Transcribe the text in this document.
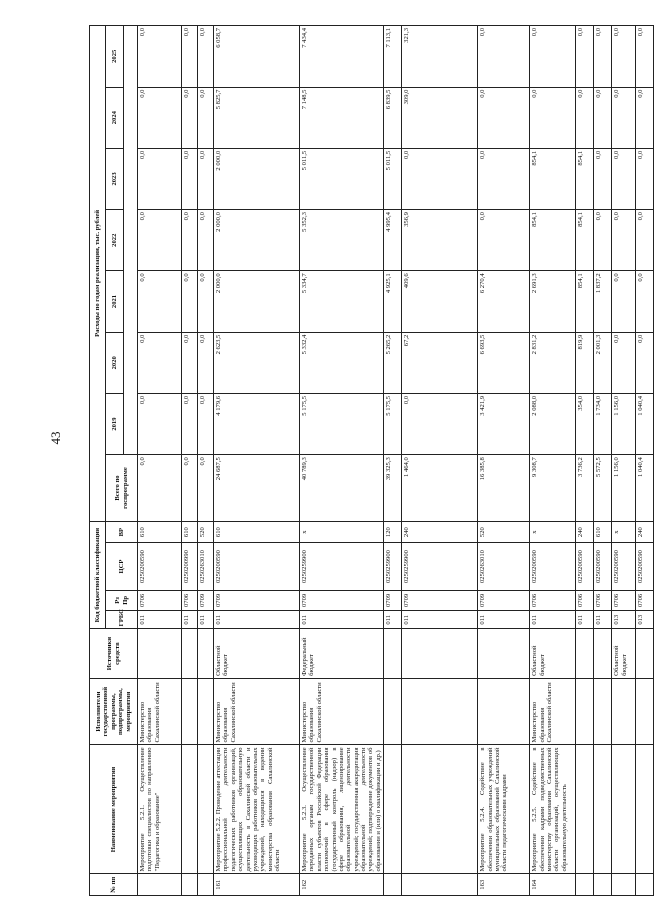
43
№ пп	Наименование мероприятия	Исполнители государственной программы, подпрограммы, мероприятия	Источники средств	Код бюджетной классификации				Расходы по годам реализации, тыс. рублей							
				ГРБС	Рз Пр	ЦСР	ВР	Всего по госпрограмме	2019	2020	2021	2022	2023	2024	2025

	Мероприятие 5.2.1. Осуществление подготовки специалистов по направлению "Педагогика и образование"	Министерство образования Сахалинской области		011	0706	0250200590	610	0,0	0,0	0,0	0,0	0,0	0,0	0,0	0,0
				011	0706	0250200990	610	0,0	0,0	0,0	0,0	0,0	0,0	0,0	0,0
				011	0709	0250263010	520	0,0	0,0	0,0	0,0	0,0	0,0	0,0	0,0
161	Мероприятие 5.2.2. Проведение аттестации профессиональной деятельности педагогических работников организаций, осуществляющих образовательную деятельность в Сахалинской области и руководящих работников образовательных учреждений, находящихся в ведении министерства образования Сахалинской области	Министерство образования Сахалинской области	Областной бюджет	011	0709	0250200590	610	24 687,5	4 179,6	2 623,5	2 000,0	2 000,0	2 000,0	5 825,7	6 058,7
162	Мероприятие 5.2.3. Осуществление переданных органам государственной власти субъектов Российской Федерации полномочий в сфере образования (государственный контроль (надзор) в сфере образования, лицензирование образовательной деятельности учреждений; государственная аккредитация образовательной деятельности учреждений; подтверждение документов об образовании и (или) о квалификации и др.)	Министерство образования Сахалинской области	Федеральный бюджет	011	0709	0250259900	x	40 789,3	5 175,5	5 332,4	5 334,7	5 352,3	5 011,5	7 148,5	7 434,4
				011	0709	0250259900	120	39 325,3	5 175,5	5 265,2	4 925,1	4 995,4	5 011,5	6 839,5	7 113,1
				011	0709	0250259900	240	1 464,0	0,0	67,2	409,6	356,9	0,0	309,0	321,3
163	Мероприятие 5.2.4. Содействие в обеспечении образовательных учреждений муниципальных образований Сахалинской области педагогическими кадрами			011	0709	0250263010	520	16 385,8	3 421,9	6 693,5	6 270,4	0,0	0,0	0,0	0,0
164	Мероприятие 5.2.5. Содействие в обеспечении кадрами подведомственных министерству образования Сахалинской области организаций, осуществляющих образовательную деятельность	Министерство образования Сахалинской области	Областной бюджет	011	0706	0250200590	x	9 308,7	2 088,0	2 831,2	2 691,3	854,1	854,1	0,0	0,0
				011	0706	0250200590	240	3 736,2	354,0	819,9	854,1	854,1	854,1	0,0	0,0
				011	0706	0250200590	610	5 572,5	1 734,0	2 001,3	1 837,2	0,0	0,0	0,0	0,0
			Областной бюджет	013	0706	0250200590	x	1 156,0	1 156,0	0,0	0,0	0,0	0,0	0,0	0,0
				013	0706	0250200590	240	1 040,4	1 040,4	0,0	0,0	0,0	0,0	0,0	0,0
